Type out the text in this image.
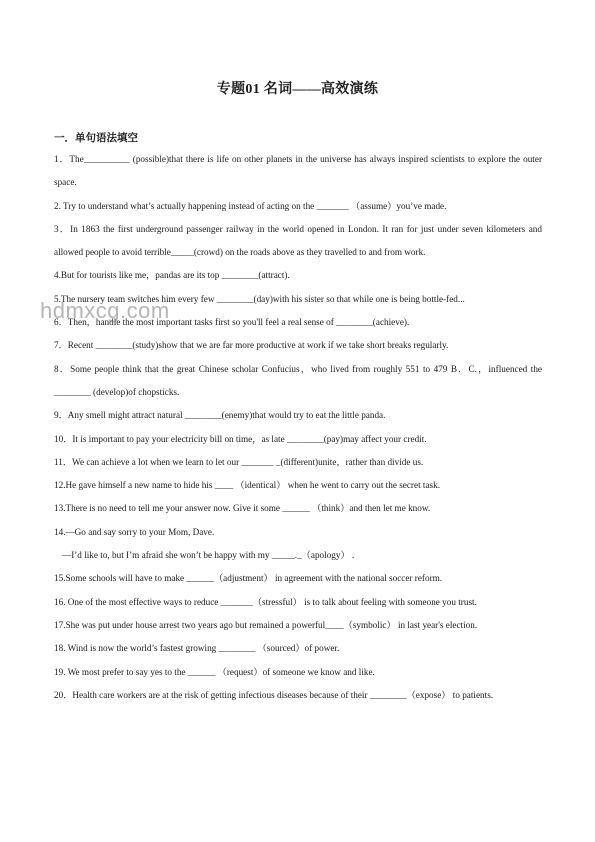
专题01 名词——高效演练
一．单句语法填空

1．The__________ (possible)that there is life on other planets in the universe has always inspired scientists to explore the outer space.

2. Try to understand what’s actually happening instead of acting on the _______ （assume）you’ve made.

3．In 1863 the first underground passenger railway in the world opened in London. It ran for just under seven kilometers and allowed people to avoid terrible_____(crowd) on the roads above as they travelled to and from work.

4.But for tourists like me，pandas are its top ________(attract).

5.The nursery team switches him every few ________(day)with his sister so that while one is being bottle-fed...

6．Then，handle the most important tasks first so you'll feel a real sense of ________(achieve).

7．Recent ________(study)show that we are far more productive at work if we take short breaks regularly.

8．Some people think that the great Chinese scholar Confucius，who lived from roughly 551 to 479 B．C.，influenced the ________ (develop)of chopsticks.

9．Any smell might attract natural ________(enemy)that would try to eat the little panda.

10．It is important to pay your electricity bill on time，as late ________(pay)may affect your credit.

11．We can achieve a lot when we learn to let our _______ _(different)unite，rather than divide us.

12.He gave himself a new name to hide his ____ （identical） when he went to carry out the secret task.

13.There is no need to tell me your answer now. Give it some ______ （think）and then let me know.

14.—Go and say sorry to your Mom, Dave.

—I’d like to, but I’m afraid she won’t be happy with my _____._（apology） .

15.Some schools will have to make ______（adjustment） in agreement with the national soccer reform.

16. One of the most effective ways to reduce _______（stressful） is to talk about feeling with someone you trust.

17.She was put under house arrest two years ago but remained a powerful____（symbolic） in last year's election.

18. Wind is now the world’s fastest growing ________ （sourced）of power.

19. We most prefer to say yes to the ______ （request）of someone we know and like.

20．Health care workers are at the risk of getting infectious diseases because of their ________（expose） to patients.

hdmxcg.com
